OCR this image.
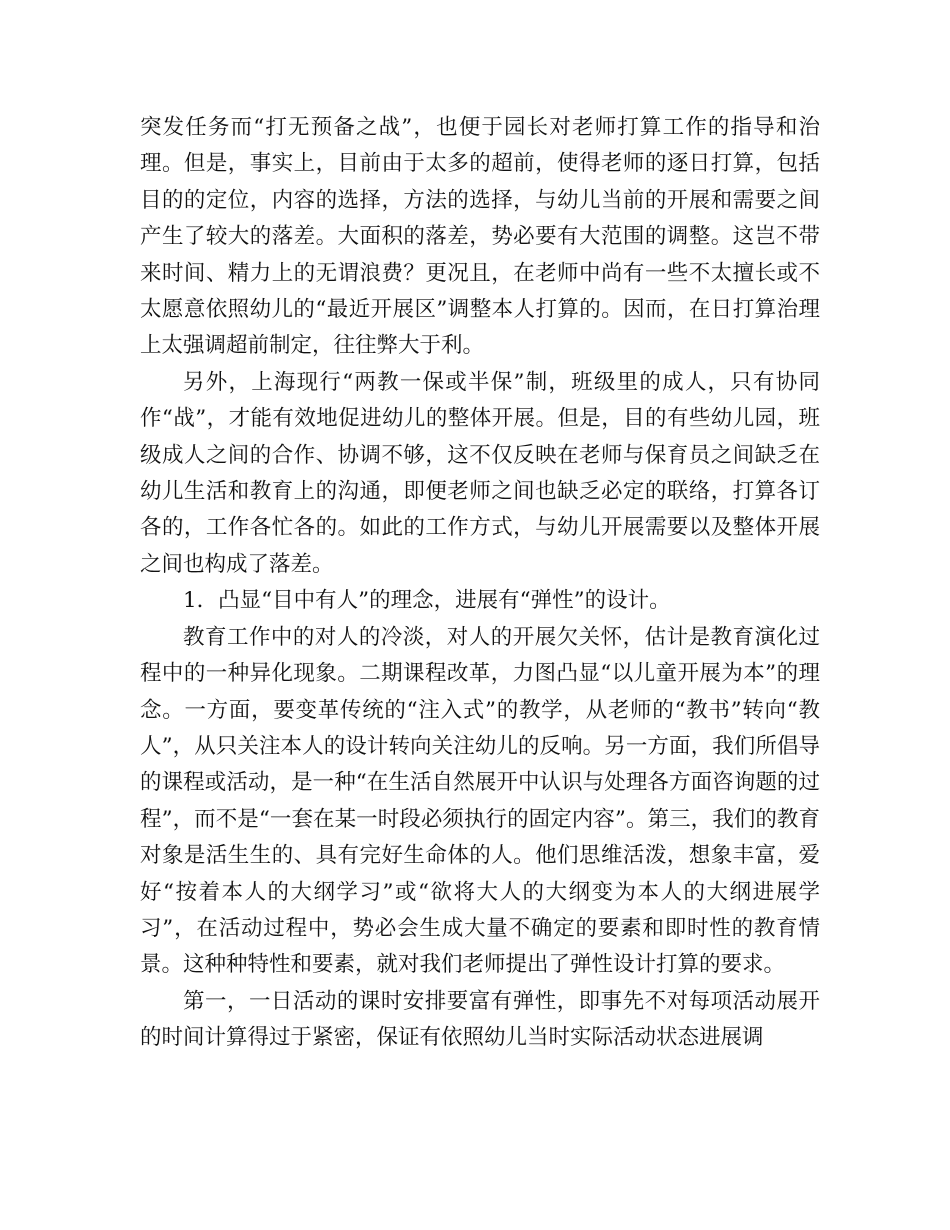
突发任务而“打无预备之战”，也便于园长对老师打算工作的指导和治理。但是，事实上，目前由于太多的超前，使得老师的逐日打算，包括目的的定位，内容的选择，方法的选择，与幼儿当前的开展和需要之间产生了较大的落差。大面积的落差，势必要有大范围的调整。这岂不带来时间、精力上的无谓浪费？更况且，在老师中尚有一些不太擅长或不太愿意依照幼儿的“最近开展区”调整本人打算的。因而，在日打算治理上太强调超前制定，往往弊大于利。

另外，上海现行“两教一保或半保”制，班级里的成人，只有协同作“战”，才能有效地促进幼儿的整体开展。但是，目的有些幼儿园，班级成人之间的合作、协调不够，这不仅反映在老师与保育员之间缺乏在幼儿生活和教育上的沟通，即便老师之间也缺乏必定的联络，打算各订各的，工作各忙各的。如此的工作方式，与幼儿开展需要以及整体开展之间也构成了落差。

1．凸显“目中有人”的理念，进展有“弹性”的设计。

教育工作中的对人的冷淡，对人的开展欠关怀，估计是教育演化过程中的一种异化现象。二期课程改革，力图凸显“以儿童开展为本”的理念。一方面，要变革传统的“注入式”的教学，从老师的“教书”转向“教人”，从只关注本人的设计转向关注幼儿的反响。另一方面，我们所倡导的课程或活动，是一种“在生活自然展开中认识与处理各方面咨询题的过程”，而不是“一套在某一时段必须执行的固定内容”。第三，我们的教育对象是活生生的、具有完好生命体的人。他们思维活泼，想象丰富，爱好“按着本人的大纲学习”或“欲将大人的大纲变为本人的大纲进展学习”，在活动过程中，势必会生成大量不确定的要素和即时性的教育情景。这种种特性和要素，就对我们老师提出了弹性设计打算的要求。

第一，一日活动的课时安排要富有弹性，即事先不对每项活动展开的时间计算得过于紧密，保证有依照幼儿当时实际活动状态进展调
